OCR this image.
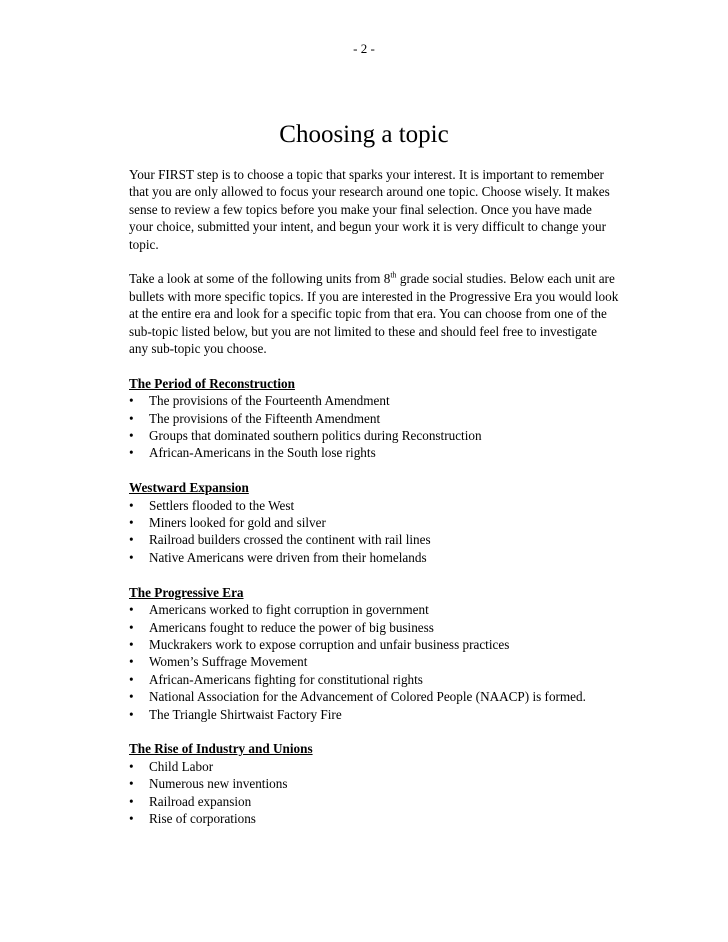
- 2 -
Choosing a topic

Your FIRST step is to choose a topic that sparks your interest. It is important to remember that you are only allowed to focus your research around one topic. Choose wisely. It makes sense to review a few topics before you make your final selection. Once you have made your choice, submitted your intent, and begun your work it is very difficult to change your topic.

Take a look at some of the following units from 8th grade social studies. Below each unit are bullets with more specific topics. If you are interested in the Progressive Era you would look at the entire era and look for a specific topic from that era. You can choose from one of the sub-topic listed below, but you are not limited to these and should feel free to investigate any sub-topic you choose.

The Period of Reconstruction

• The provisions of the Fourteenth Amendment
• The provisions of the Fifteenth Amendment
• Groups that dominated southern politics during Reconstruction
• African-Americans in the South lose rights

Westward Expansion

• Settlers flooded to the West
• Miners looked for gold and silver
• Railroad builders crossed the continent with rail lines
• Native Americans were driven from their homelands

The Progressive Era

• Americans worked to fight corruption in government
• Americans fought to reduce the power of big business
• Muckrakers work to expose corruption and unfair business practices
• Women’s Suffrage Movement
• African-Americans fighting for constitutional rights
• National Association for the Advancement of Colored People (NAACP) is formed.
• The Triangle Shirtwaist Factory Fire

The Rise of Industry and Unions

• Child Labor
• Numerous new inventions
• Railroad expansion
• Rise of corporations
